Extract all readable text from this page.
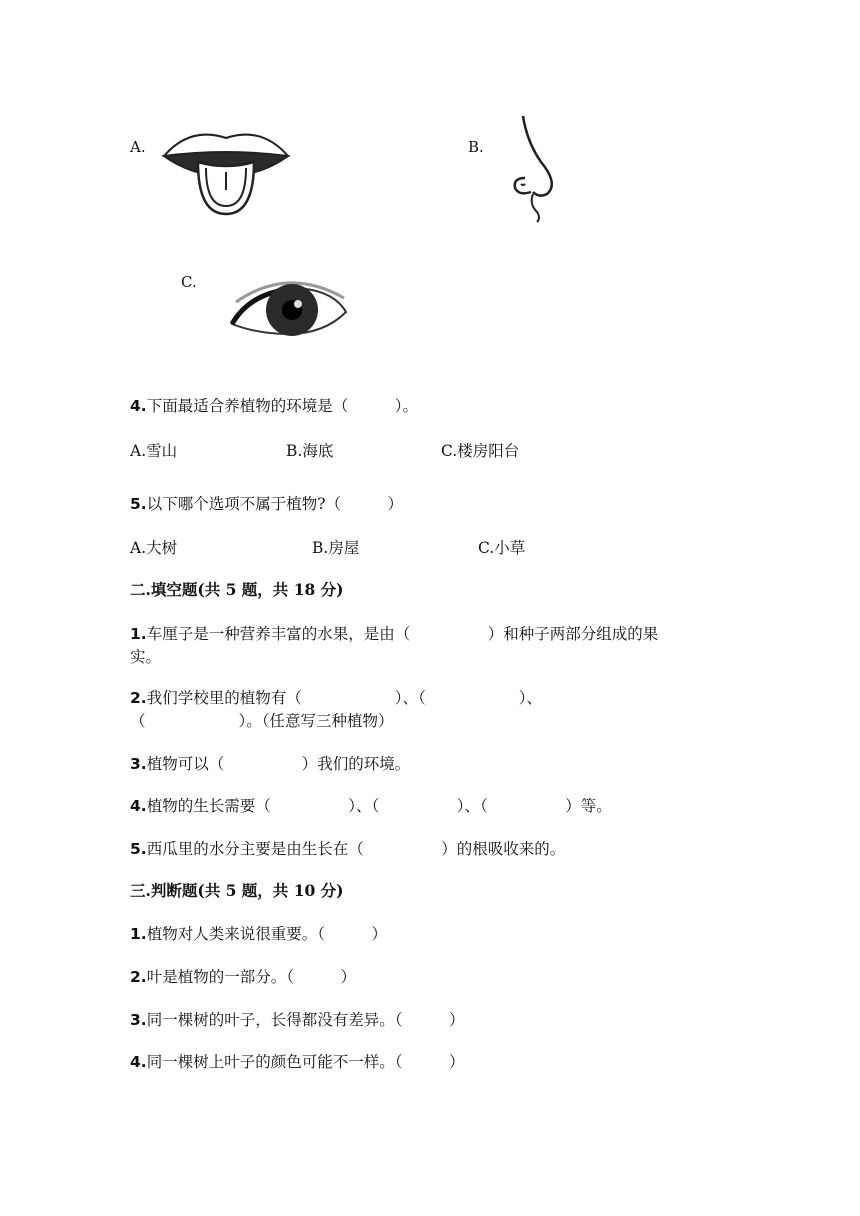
A.	B.
C.
4.下面最适合养植物的环境是（　　　）。
A.雪山	B.海底	C.楼房阳台
5.以下哪个选项不属于植物?（　　　）
A.大树	B.房屋	C.小草
二.填空题(共 5 题，共 18 分)
1.车厘子是一种营养丰富的水果，是由（　　　　　）和种子两部分组成的果
实。
2.我们学校里的植物有（　　　　　　）、（　　　　　　）、
（　　　　　　）。（任意写三种植物）
3.植物可以（　　　　　）我们的环境。
4.植物的生长需要（　　　　　）、（　　　　　）、（　　　　　）等。
5.西瓜里的水分主要是由生长在（　　　　　）的根吸收来的。
三.判断题(共 5 题，共 10 分)
1.植物对人类来说很重要。（　　　）
2.叶是植物的一部分。（　　　）
3.同一棵树的叶子，长得都没有差异。（　　　）
4.同一棵树上叶子的颜色可能不一样。（　　　）
